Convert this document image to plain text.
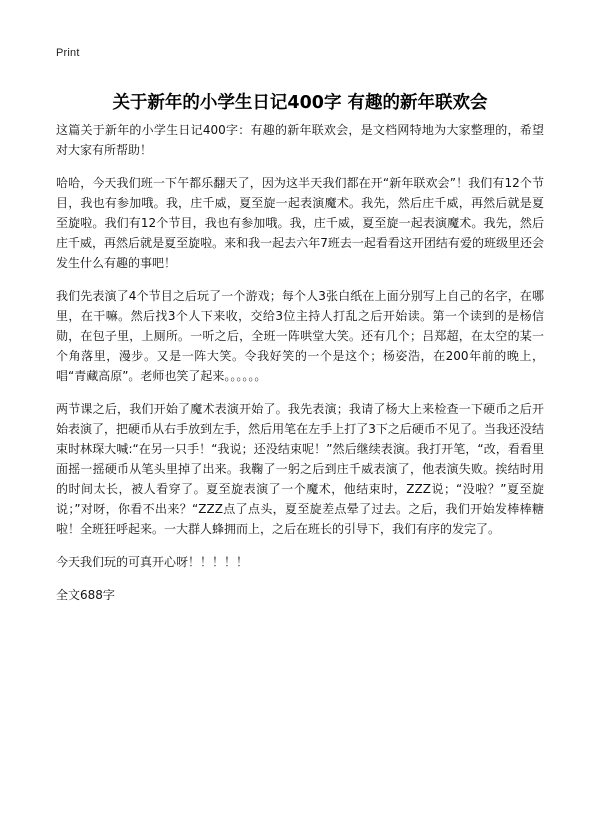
Print
关于新年的小学生日记400字 有趣的新年联欢会

这篇关于新年的小学生日记400字：有趣的新年联欢会，是文档网特地为大家整理的，希望对大家有所帮助！

哈哈，今天我们班一下午都乐翻天了，因为这半天我们都在开“新年联欢会”！我们有12个节目，我也有参加哦。我，庄千威，夏至旋一起表演魔术。我先，然后庄千威，再然后就是夏至旋啦。我们有12个节目，我也有参加哦。我，庄千威，夏至旋一起表演魔术。我先，然后庄千威，再然后就是夏至旋啦。来和我一起去六年7班去一起看看这开团结有爱的班级里还会发生什么有趣的事吧！

我们先表演了4个节目之后玩了一个游戏；每个人3张白纸在上面分别写上自己的名字，在哪里，在干嘛。然后找3个人下来收，交给3位主持人打乱之后开始读。第一个读到的是杨信勋，在包子里，上厕所。一听之后，全班一阵哄堂大笑。还有几个；吕郑超，在太空的某一个角落里，漫步。又是一阵大笑。令我好笑的一个是这个；杨姿浩，在200年前的晚上，唱“青藏高原”。老师也笑了起来。。。。。。

两节课之后，我们开始了魔术表演开始了。我先表演；我请了杨大上来检查一下硬币之后开始表演了，把硬币从右手放到左手，然后用笔在左手上打了3下之后硬币不见了。当我还没结束时林琛大喊:“在另一只手！“我说；还没结束呢！”然后继续表演。我打开笔，“改，看看里面摇一摇硬币从笔头里掉了出来。我鞠了一躬之后到庄千威表演了，他表演失败。挨结时用的时间太长，被人看穿了。夏至旋表演了一个魔术，他结束时，ZZZ说；“没啦？”夏至旋说；”对呀，你看不出来？“ZZZ点了点头，夏至旋差点晕了过去。之后，我们开始发棒棒糖啦！全班狂呼起来。一大群人蜂拥而上，之后在班长的引导下，我们有序的发完了。

今天我们玩的可真开心呀！！！！！

全文688字
